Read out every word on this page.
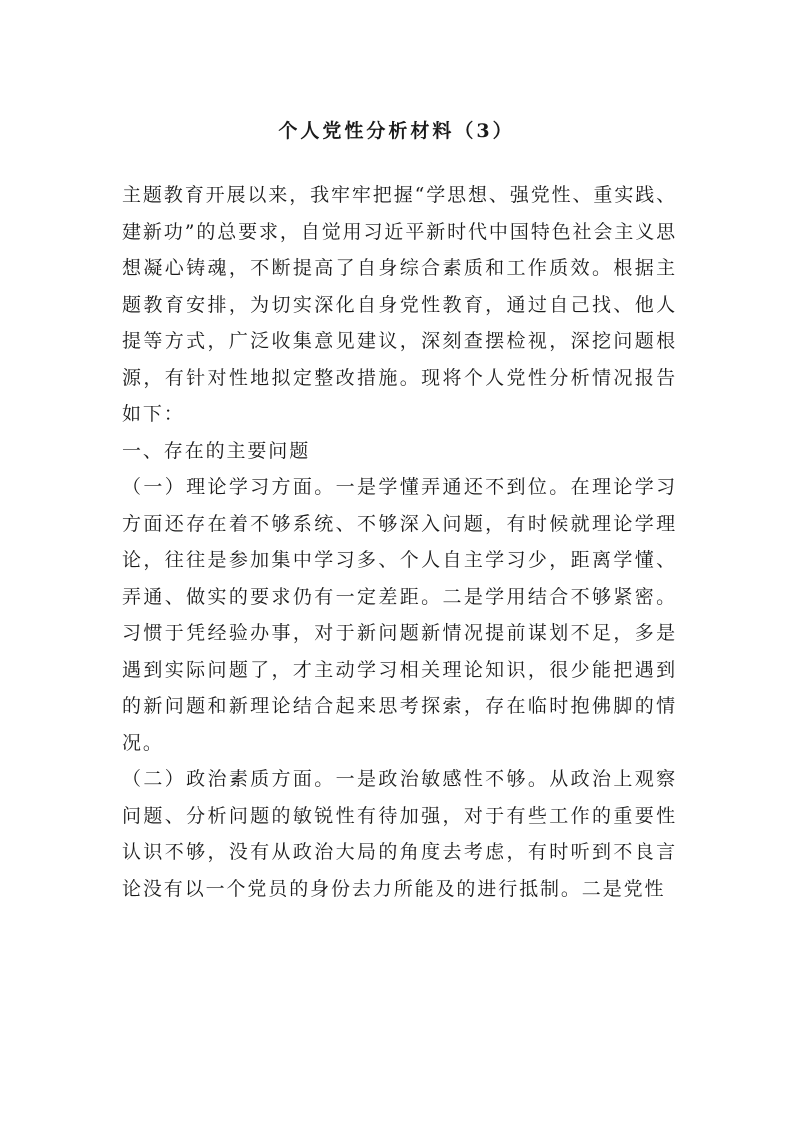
个人党性分析材料（3）

主题教育开展以来，我牢牢把握“学思想、强党性、重实践、建新功”的总要求，自觉用习近平新时代中国特色社会主义思想凝心铸魂，不断提高了自身综合素质和工作质效。根据主题教育安排，为切实深化自身党性教育，通过自己找、他人提等方式，广泛收集意见建议，深刻查摆检视，深挖问题根源，有针对性地拟定整改措施。现将个人党性分析情况报告如下：

一、存在的主要问题

（一）理论学习方面。一是学懂弄通还不到位。在理论学习方面还存在着不够系统、不够深入问题，有时候就理论学理论，往往是参加集中学习多、个人自主学习少，距离学懂、弄通、做实的要求仍有一定差距。二是学用结合不够紧密。习惯于凭经验办事，对于新问题新情况提前谋划不足，多是遇到实际问题了，才主动学习相关理论知识，很少能把遇到的新问题和新理论结合起来思考探索，存在临时抱佛脚的情况。

（二）政治素质方面。一是政治敏感性不够。从政治上观察问题、分析问题的敏锐性有待加强，对于有些工作的重要性认识不够，没有从政治大局的角度去考虑，有时听到不良言论没有以一个党员的身份去力所能及的进行抵制。二是党性
